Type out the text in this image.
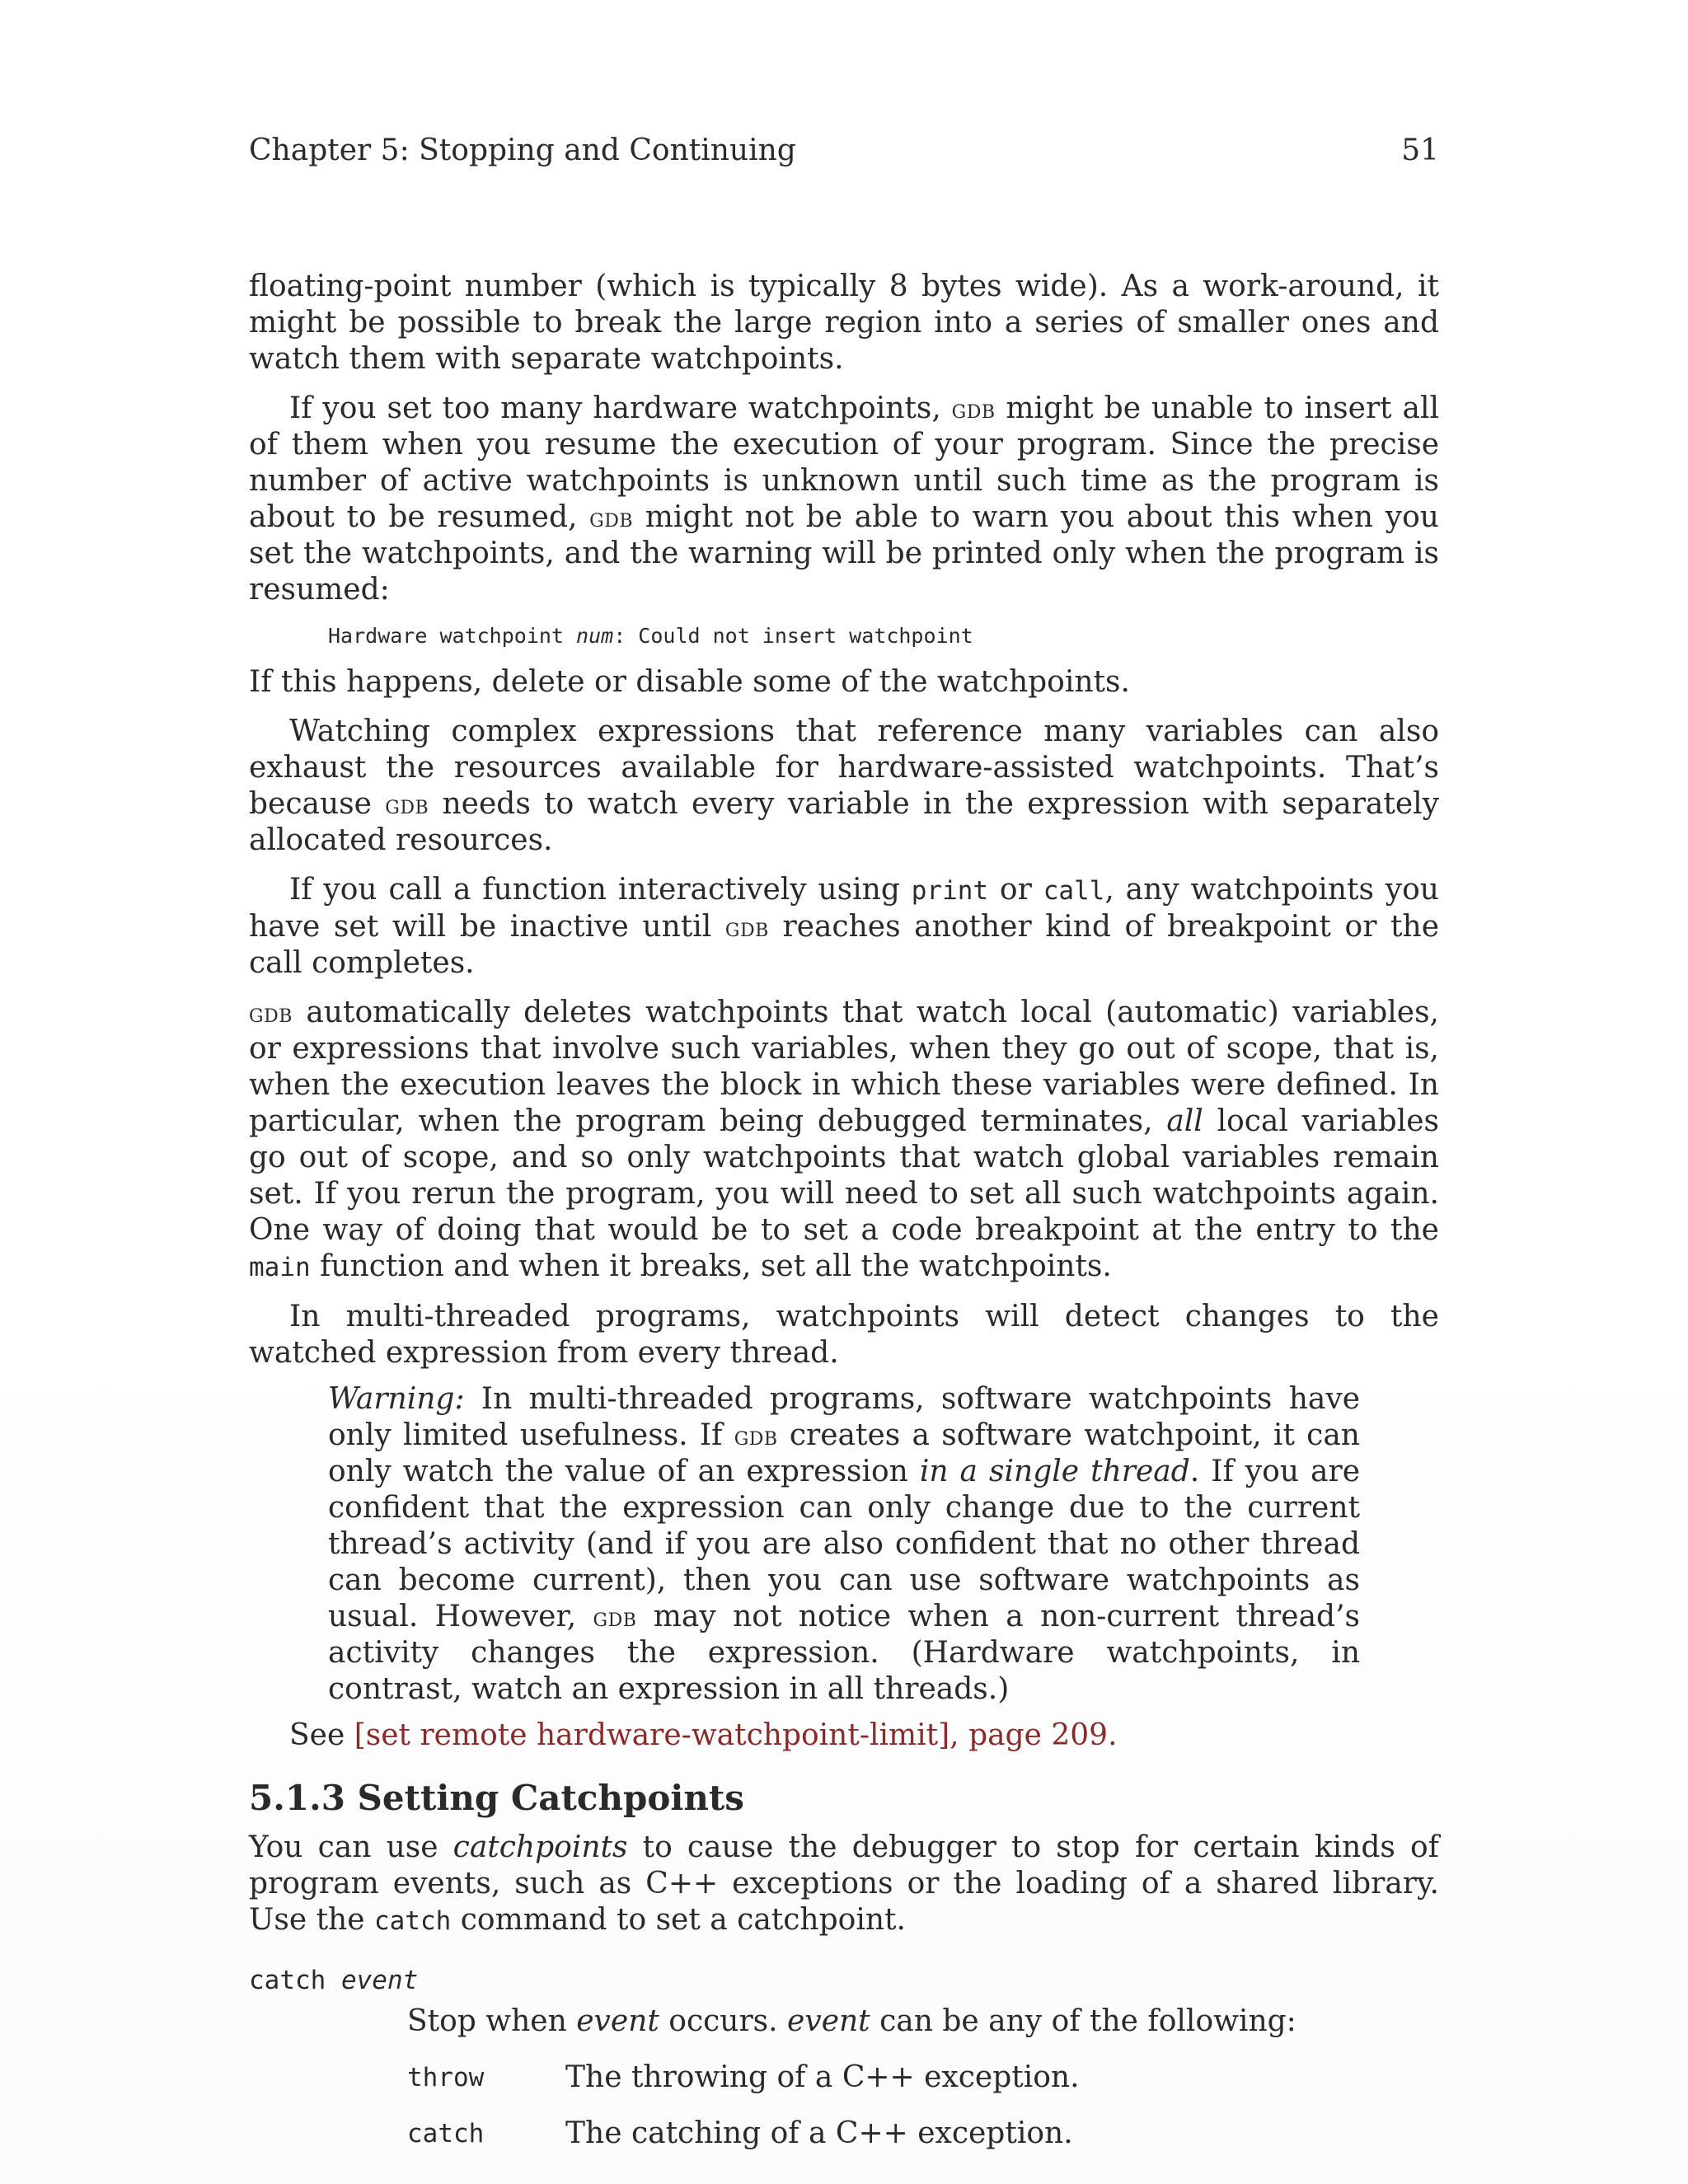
Chapter 5: Stopping and Continuing	51

floating-point number (which is typically 8 bytes wide). As a work-around, it might be possible to break the large region into a series of smaller ones and watch them with separate watchpoints.

If you set too many hardware watchpoints, gdb might be unable to insert all of them when you resume the execution of your program. Since the precise number of active watchpoints is unknown until such time as the program is about to be resumed, gdb might not be able to warn you about this when you set the watchpoints, and the warning will be printed only when the program is resumed:

Hardware watchpoint num: Could not insert watchpoint

If this happens, delete or disable some of the watchpoints.

Watching complex expressions that reference many variables can also exhaust the resources available for hardware-assisted watchpoints. That’s because gdb needs to watch every variable in the expression with separately allocated resources.

If you call a function interactively using print or call, any watchpoints you have set will be inactive until gdb reaches another kind of breakpoint or the call completes.

gdb automatically deletes watchpoints that watch local (automatic) variables, or expressions that involve such variables, when they go out of scope, that is, when the execution leaves the block in which these variables were defined. In particular, when the program being debugged terminates, all local variables go out of scope, and so only watchpoints that watch global variables remain set. If you rerun the program, you will need to set all such watchpoints again. One way of doing that would be to set a code breakpoint at the entry to the main function and when it breaks, set all the watchpoints.

In multi-threaded programs, watchpoints will detect changes to the watched expression from every thread.

Warning: In multi-threaded programs, software watchpoints have only limited usefulness. If gdb creates a software watchpoint, it can only watch the value of an expression in a single thread. If you are confident that the expression can only change due to the current thread’s activity (and if you are also confident that no other thread can become current), then you can use software watchpoints as usual. However, gdb may not notice when a non-current thread’s activity changes the expression. (Hardware watchpoints, in contrast, watch an expression in all threads.)

See [set remote hardware-watchpoint-limit], page 209.

5.1.3 Setting Catchpoints

You can use catchpoints to cause the debugger to stop for certain kinds of program events, such as C++ exceptions or the loading of a shared library. Use the catch command to set a catchpoint.

catch event
Stop when event occurs. event can be any of the following:
throw	The throwing of a C++ exception.
catch	The catching of a C++ exception.
